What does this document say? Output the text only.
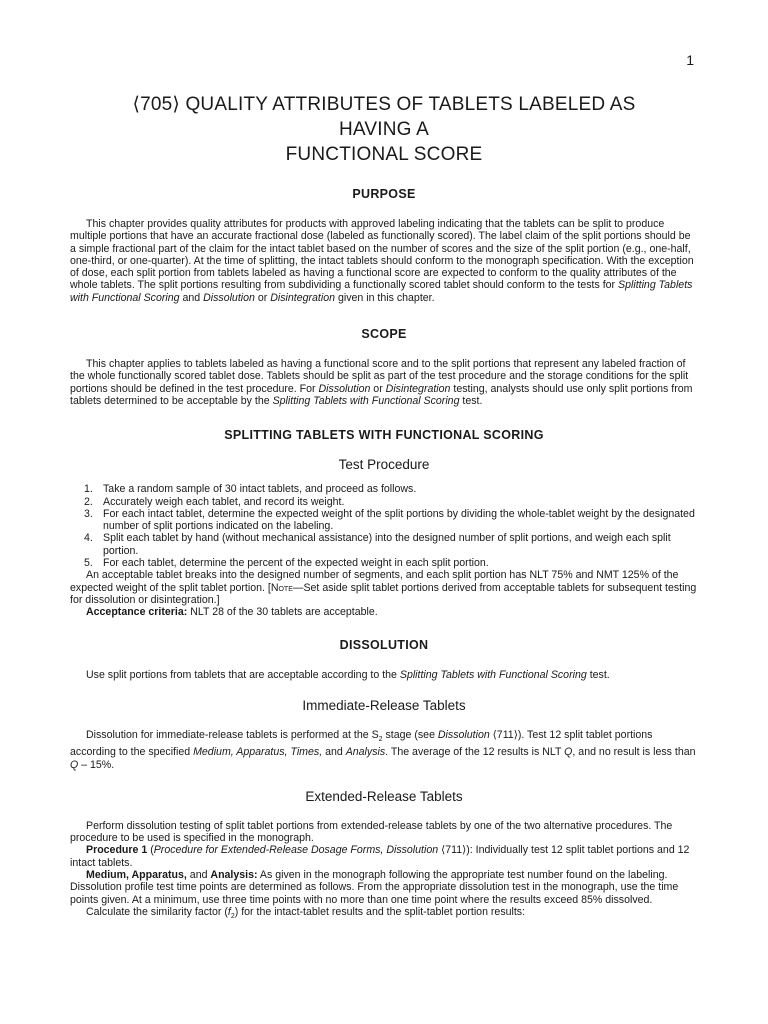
1
⟨705⟩ QUALITY ATTRIBUTES OF TABLETS LABELED AS HAVING A
FUNCTIONAL SCORE
PURPOSE

This chapter provides quality attributes for products with approved labeling indicating that the tablets can be split to produce multiple portions that have an accurate fractional dose (labeled as functionally scored). The label claim of the split portions should be a simple fractional part of the claim for the intact tablet based on the number of scores and the size of the split portion (e.g., one-half, one-third, or one-quarter). At the time of splitting, the intact tablets should conform to the monograph specification. With the exception of dose, each split portion from tablets labeled as having a functional score are expected to conform to the quality attributes of the whole tablets. The split portions resulting from subdividing a functionally scored tablet should conform to the tests for Splitting Tablets with Functional Scoring and Dissolution or Disintegration given in this chapter.

SCOPE

This chapter applies to tablets labeled as having a functional score and to the split portions that represent any labeled fraction of the whole functionally scored tablet dose. Tablets should be split as part of the test procedure and the storage conditions for the split portions should be defined in the test procedure. For Dissolution or Disintegration testing, analysts should use only split portions from tablets determined to be acceptable by the Splitting Tablets with Functional Scoring test.

SPLITTING TABLETS WITH FUNCTIONAL SCORING
Test Procedure
1. Take a random sample of 30 intact tablets, and proceed as follows.
2. Accurately weigh each tablet, and record its weight.
3. For each intact tablet, determine the expected weight of the split portions by dividing the whole-tablet weight by the designated number of split portions indicated on the labeling.
4. Split each tablet by hand (without mechanical assistance) into the designed number of split portions, and weigh each split portion.
5. For each tablet, determine the percent of the expected weight in each split portion.

An acceptable tablet breaks into the designed number of segments, and each split portion has NLT 75% and NMT 125% of the expected weight of the split tablet portion. [Note—Set aside split tablet portions derived from acceptable tablets for subsequent testing for dissolution or disintegration.]

Acceptance criteria: NLT 28 of the 30 tablets are acceptable.

DISSOLUTION

Use split portions from tablets that are acceptable according to the Splitting Tablets with Functional Scoring test.

Immediate-Release Tablets

Dissolution for immediate-release tablets is performed at the $S_2$ stage (see Dissolution ⟨711⟩). Test 12 split tablet portions according to the specified Medium, Apparatus, Times, and Analysis. The average of the 12 results is NLT Q, and no result is less than Q – 15%.

Extended-Release Tablets

Perform dissolution testing of split tablet portions from extended-release tablets by one of the two alternative procedures. The procedure to be used is specified in the monograph.

Procedure 1 (Procedure for Extended-Release Dosage Forms, Dissolution ⟨711⟩): Individually test 12 split tablet portions and 12 intact tablets.

Medium, Apparatus, and Analysis: As given in the monograph following the appropriate test number found on the labeling. Dissolution profile test time points are determined as follows. From the appropriate dissolution test in the monograph, use the time points given. At a minimum, use three time points with no more than one time point where the results exceed 85% dissolved.

Calculate the similarity factor $(f_2)$ for the intact-tablet results and the split-tablet portion results:
